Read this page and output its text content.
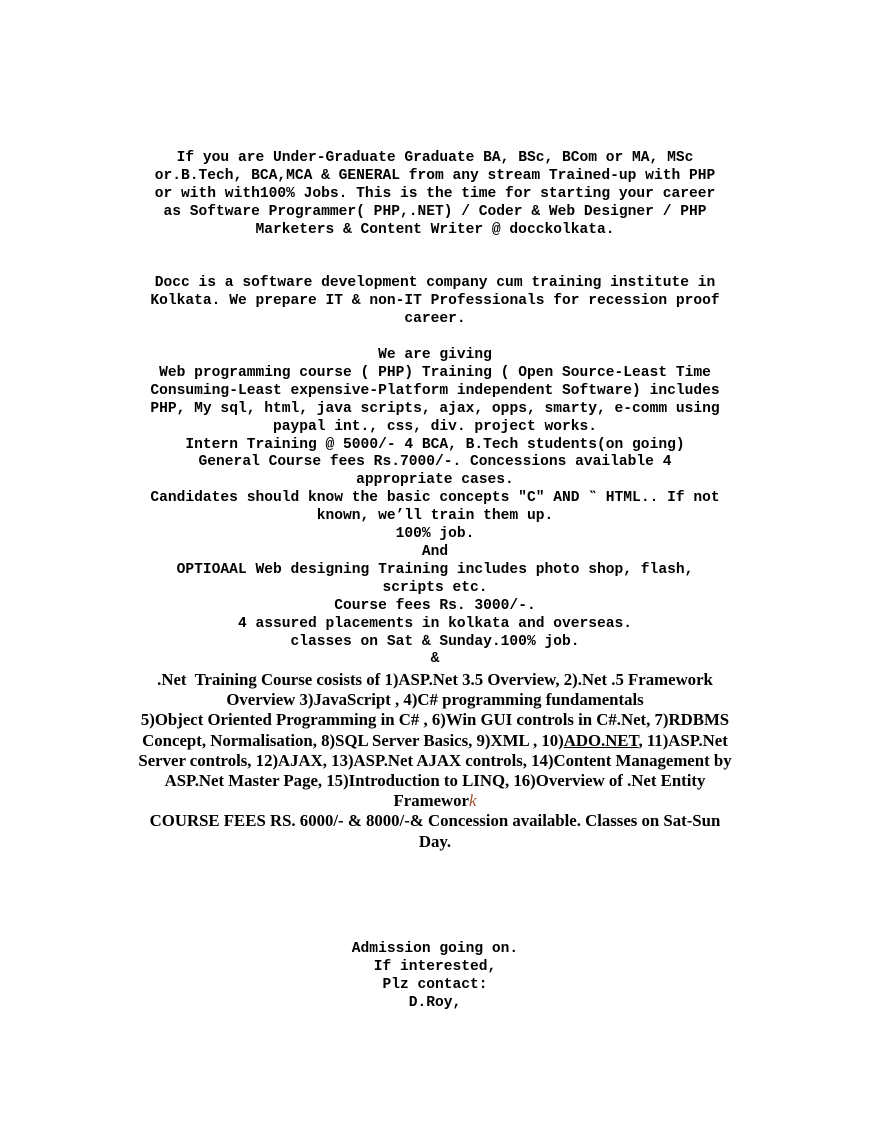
If you are Under-Graduate Graduate BA, BSc, BCom or MA, MSc
or.B.Tech, BCA,MCA & GENERAL from any stream Trained-up with PHP
or with with100% Jobs. This is the time for starting your career
as Software Programmer( PHP,.NET) / Coder & Web Designer / PHP
Marketers & Content Writer @ docckolkata.
Docc is a software development company cum training institute in
Kolkata. We prepare IT & non-IT Professionals for recession proof
career.
We are giving
Web programming course ( PHP) Training ( Open Source-Least Time
Consuming-Least expensive-Platform independent Software) includes
PHP, My sql, html, java scripts, ajax, opps, smarty, e-comm using
paypal int., css, div. project works.
Intern Training @ 5000/- 4 BCA, B.Tech students(on going)
General Course fees Rs.7000/-. Concessions available 4
appropriate cases.
Candidates should know the basic concepts ″C″ AND ‶ HTML.. If not
known, we’ll train them up.
100% job.
And
OPTIOAAL Web designing Training includes photo shop, flash,
scripts etc.
Course fees Rs. 3000/-.
4 assured placements in kolkata and overseas.
classes on Sat & Sunday.100% job.
&
.Net  Training Course cosists of 1)ASP.Net 3.5 Overview, 2).Net .5 Framework
Overview 3)JavaScript , 4)C# programming fundamentals
5)Object Oriented Programming in C# , 6)Win GUI controls in C#.Net, 7)RDBMS
Concept, Normalisation, 8)SQL Server Basics, 9)XML , 10)ADO.NET, 11)ASP.Net
Server controls, 12)AJAX, 13)ASP.Net AJAX controls, 14)Content Management by
ASP.Net Master Page, 15)Introduction to LINQ, 16)Overview of .Net Entity
Framework
COURSE FEES RS. 6000/- & 8000/-& Concession available. Classes on Sat-Sun
Day.
Admission going on.
If interested,
Plz contact:
D.Roy,
